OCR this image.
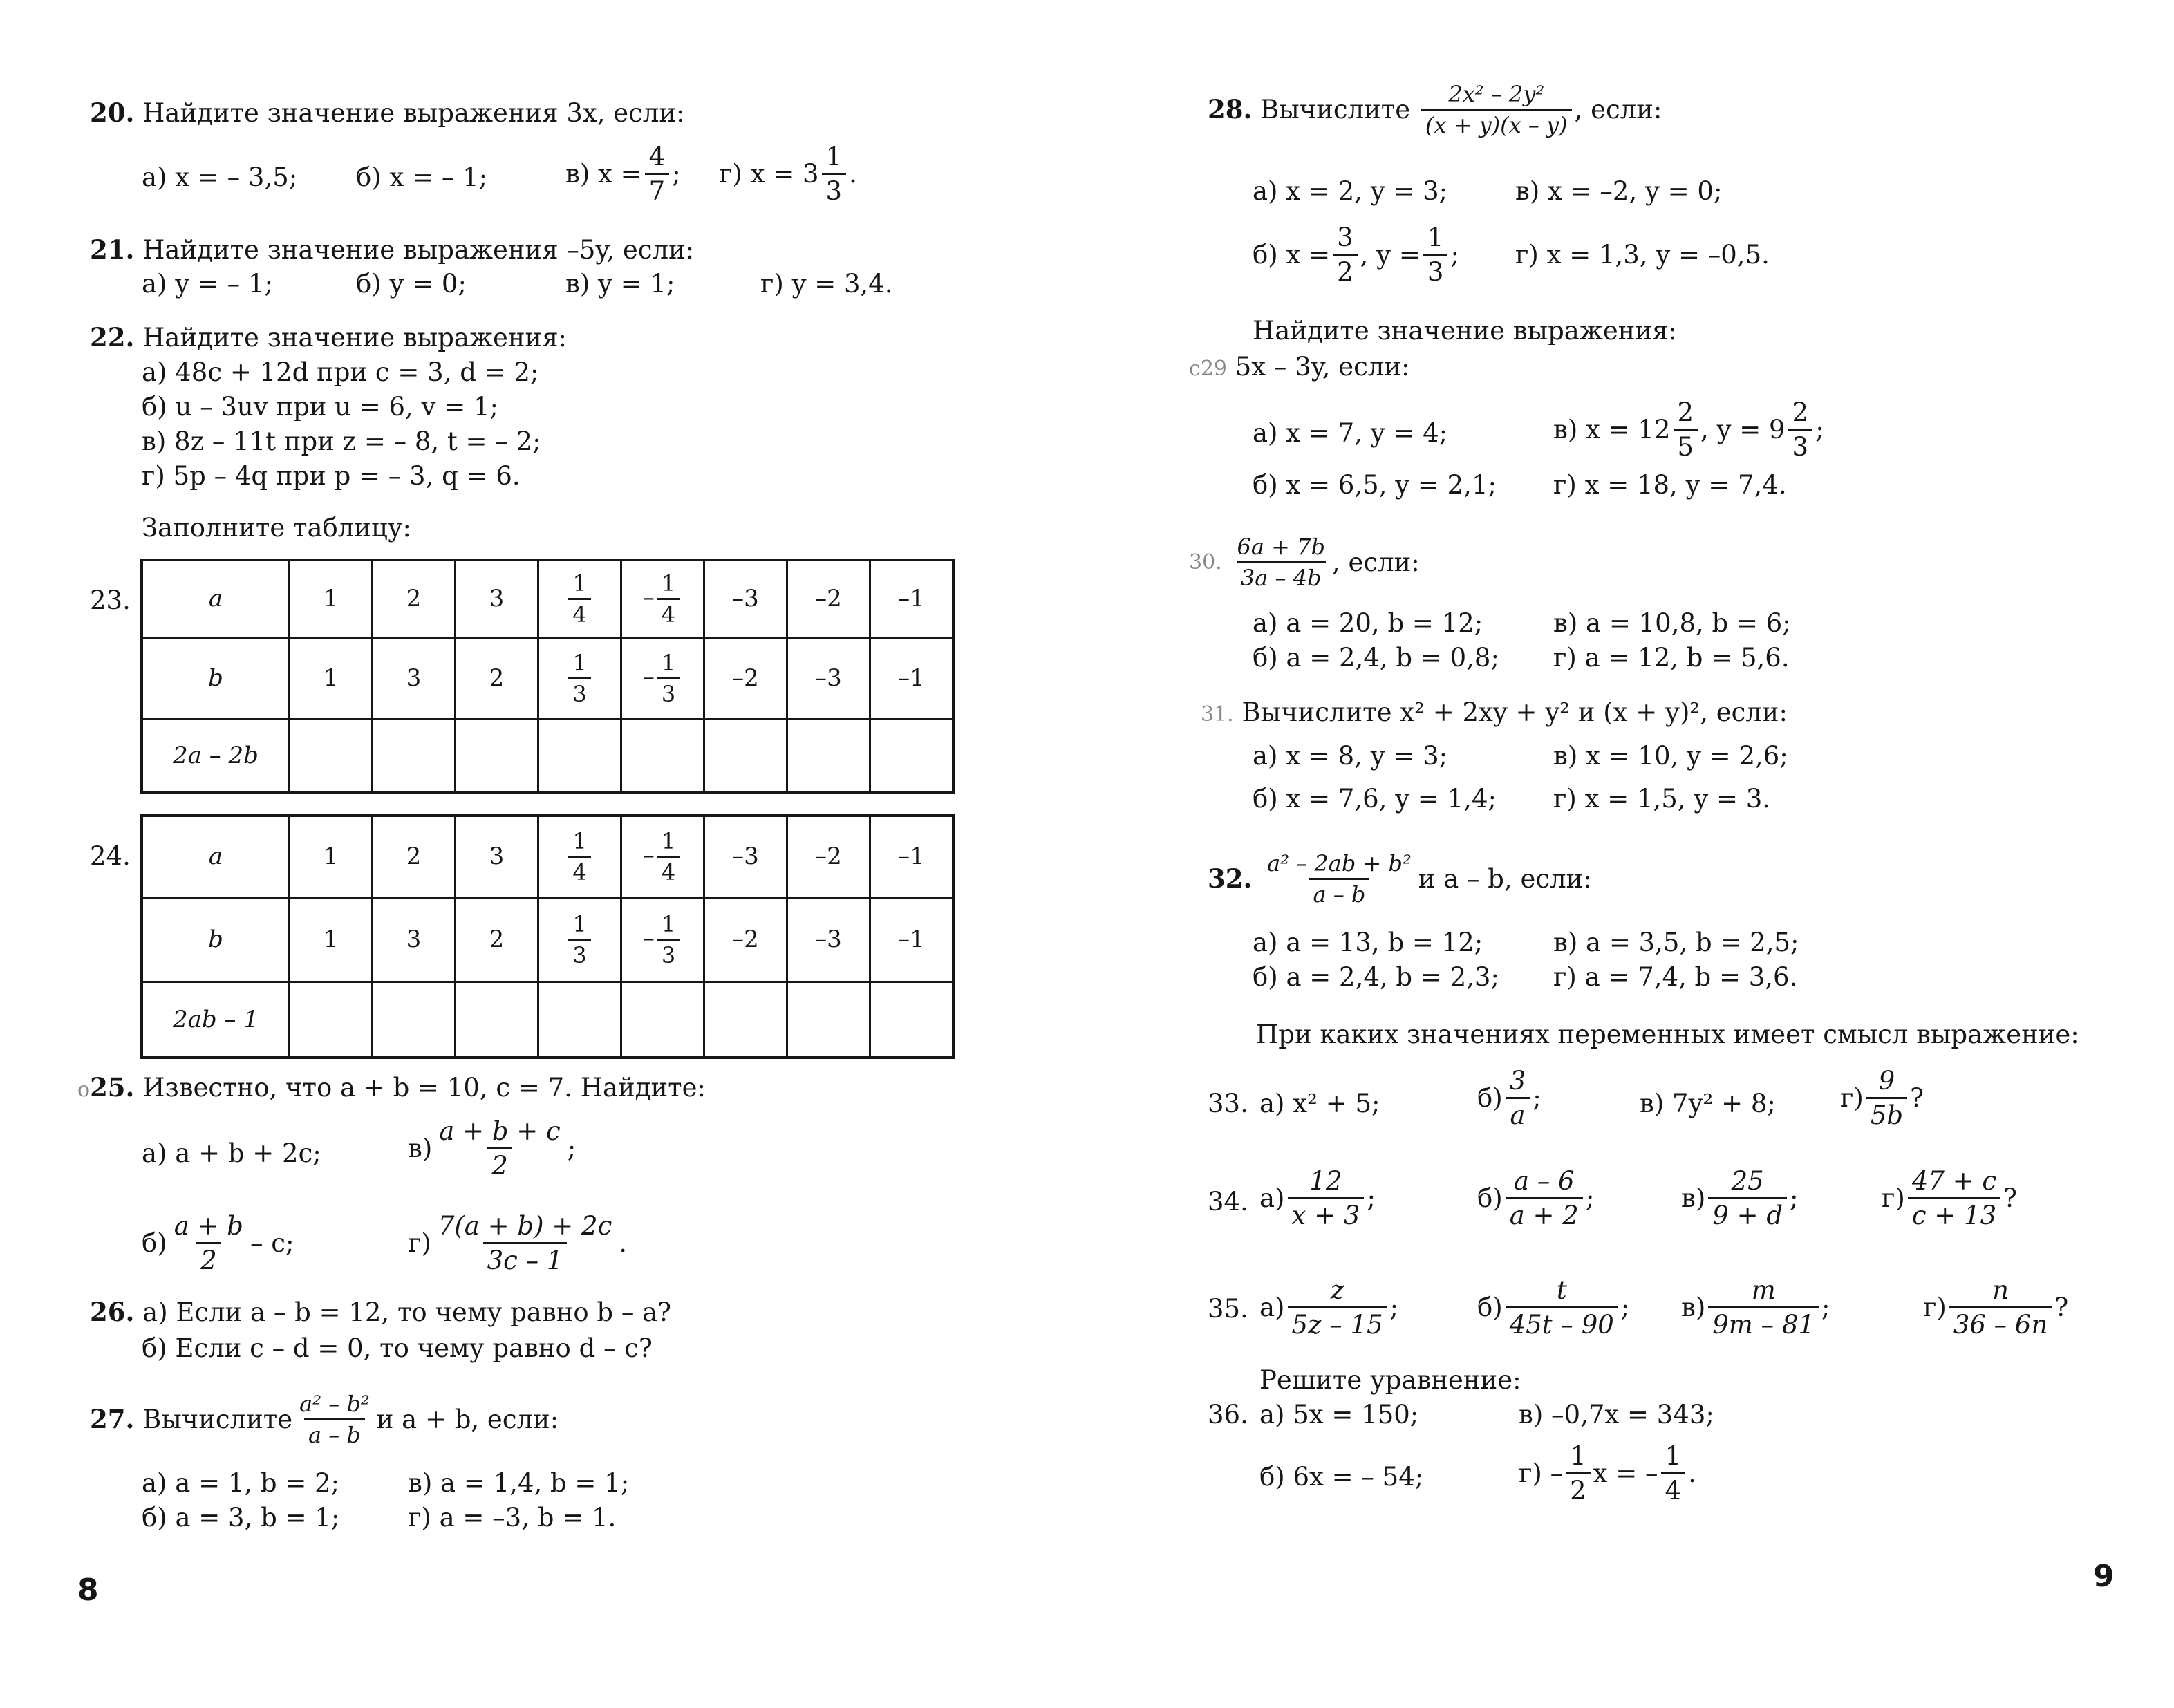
20. Найдите значение выражения 3x, если:
а) x = – 3,5; б) x = – 1;	в) $x = \frac{4}{7}$ ; г) $x = 3 \frac{1}{3}$ .
21. Найдите значение выражения –5y, если:
а) y = – 1;	б) y = 0;	в) y = 1;	г) y = 3,4.
22. Найдите значение выражения:
а) 48c + 12d при c = 3, d = 2;
б) u – 3uv при u = 6, v = 1;
в) 8z – 11t при z = – 8, t = – 2;
г) 5p – 4q при p = – 3, q = 6.
Заполните таблицу:
23.	a	1	2	3	$\frac{1}{4}$	– $\frac{1}{4}$	–3	–2	–1
b	1	3	2	$\frac{1}{3}$	– $\frac{1}{3}$	–2	–3	–1
2a – 2b								
24.	a	1	2	3	$\frac{1}{4}$	– $\frac{1}{4}$	–3	–2	–1
b	1	3	2	$\frac{1}{3}$	– $\frac{1}{3}$	–2	–3	–1
2ab – 1								
о25. Известно, что a + b = 10, c = 7. Найдите:
а) a + b + 2c;	$в) \frac{a + b + c}{2}$ ;
$б) \frac{a + b}{2}$ – c;	$г) \frac{7(a + b) + 2c}{3c - 1}$ .
26. а) Если a – b = 12, то чему равно b – a?
б) Если c – d = 0, то чему равно d – c?
27.
Вычислите $\frac{\text{a² – b²}}{a - b}$ и a + b, если:
а) a = 1, b = 2;	в) a = 1,4, b = 1;
б) a = 3, b = 1;	г) a = –3, b = 1.
8
28.
Вычислите
$\frac{\text{2x² – 2y²}}{(x + y)(x - y)}$ , если:
а) x = 2, y = 3;	в) x = –2, y = 0;
б) $x = \frac{3}{2}$ , $y = \frac{1}{3}$ ; г) x = 1,3, y = –0,5.
Найдите значение выражения:
с29 5x – 3y, если:
а) x = 7, y = 4;	в) $x = 12 \frac{2}{5}$ , $y = 9 \frac{2}{3}$ ;
б) x = 6,5, y = 2,1; г) x = 18, y = 7,4.
30.
$\frac{6a + 7b}{3a - 4b}$ , если:
а) a = 20, b = 12;	в) a = 10,8, b = 6;
б) a = 2,4, b = 0,8; г) a = 12, b = 5,6.
31. Вычислите x² + 2xy + y² и (x + y)², если:
а) x = 8, y = 3;	в) x = 10, y = 2,6;
б) x = 7,6, y = 1,4; г) x = 1,5, y = 3.
32.
$\frac{\text{a² – 2ab + b²}}{a - b}$ и a – b, если:
а) a = 13, b = 12;	в) a = 3,5, b = 2,5;
б) a = 2,4, b = 2,3; г) a = 7,4, b = 3,6.
При каких значениях переменных имеет смысл выражение:
33. а) x² + 5;	$б) \frac{3}{a}$ ;	в) 7y² + 8;	$г) \frac{9}{5b}$ ?
34. $а) \frac{12}{x + 3}$ ;	$б) \frac{a - 6}{a + 2}$ ;	$в) \frac{25}{9 + d}$ ;	$г) \frac{47 + c}{c + 13}$ ?
35. $а) \frac{z}{5z - 15}$ ;	$б) \frac{t}{45t - 90}$ ; $в) \frac{m}{9m - 81}$ ;	$г) \frac{n}{36 - 6n}$ ?
Решите уравнение:
36. а) 5x = 150;	в) –0,7x = 343;
б) 6x = – 54;	$г) - \frac{1}{2}$ x = – $\frac{1}{4}$ .
9
